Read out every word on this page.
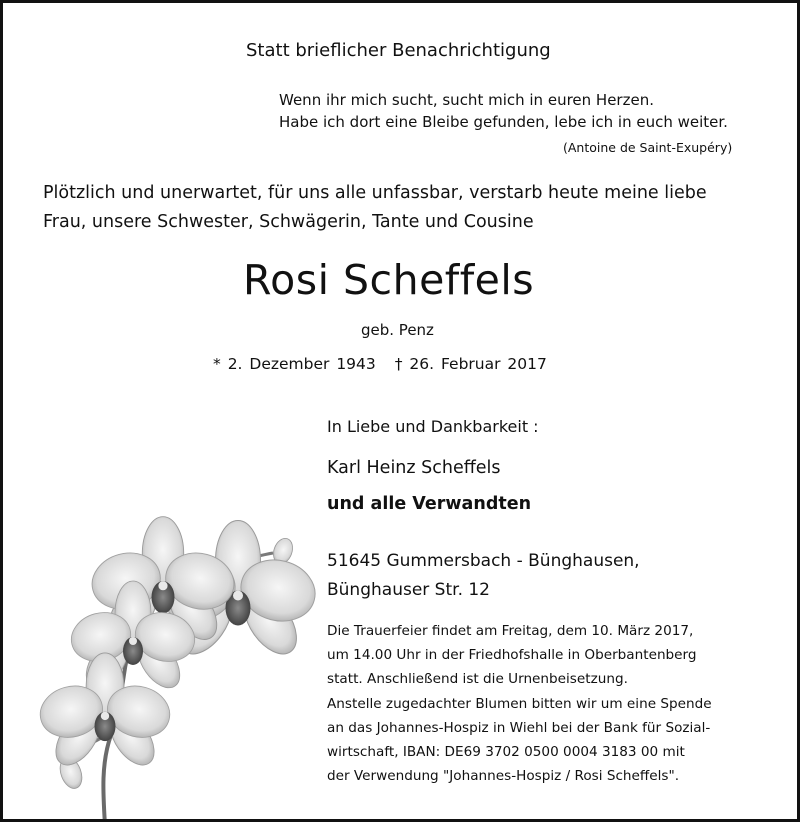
Statt brieflicher Benachrichtigung

Wenn ihr mich sucht, sucht mich in euren Herzen.

Habe ich dort eine Bleibe gefunden, lebe ich in euch weiter.

(Antoine de Saint-Exupéry)

Plötzlich und unerwartet, für uns alle unfassbar, verstarb heute meine liebe

Frau, unsere Schwester, Schwägerin, Tante und Cousine

Rosi Scheffels

geb. Penz

* 2. Dezember 1943 † 26. Februar 2017

In Liebe und Dankbarkeit :

Karl Heinz Scheffels

und alle Verwandten

51645 Gummersbach - Bünghausen,

Bünghauser Str. 12

Die Trauerfeier findet am Freitag, dem 10. März 2017,
um 14.00 Uhr in der Friedhofshalle in Oberbantenberg
statt. Anschließend ist die Urnenbeisetzung.
Anstelle zugedachter Blumen bitten wir um eine Spende
an das Johannes-Hospiz in Wiehl bei der Bank für Sozial-
wirtschaft, IBAN: DE69 3702 0500 0004 3183 00 mit
der Verwendung "Johannes-Hospiz / Rosi Scheffels".
